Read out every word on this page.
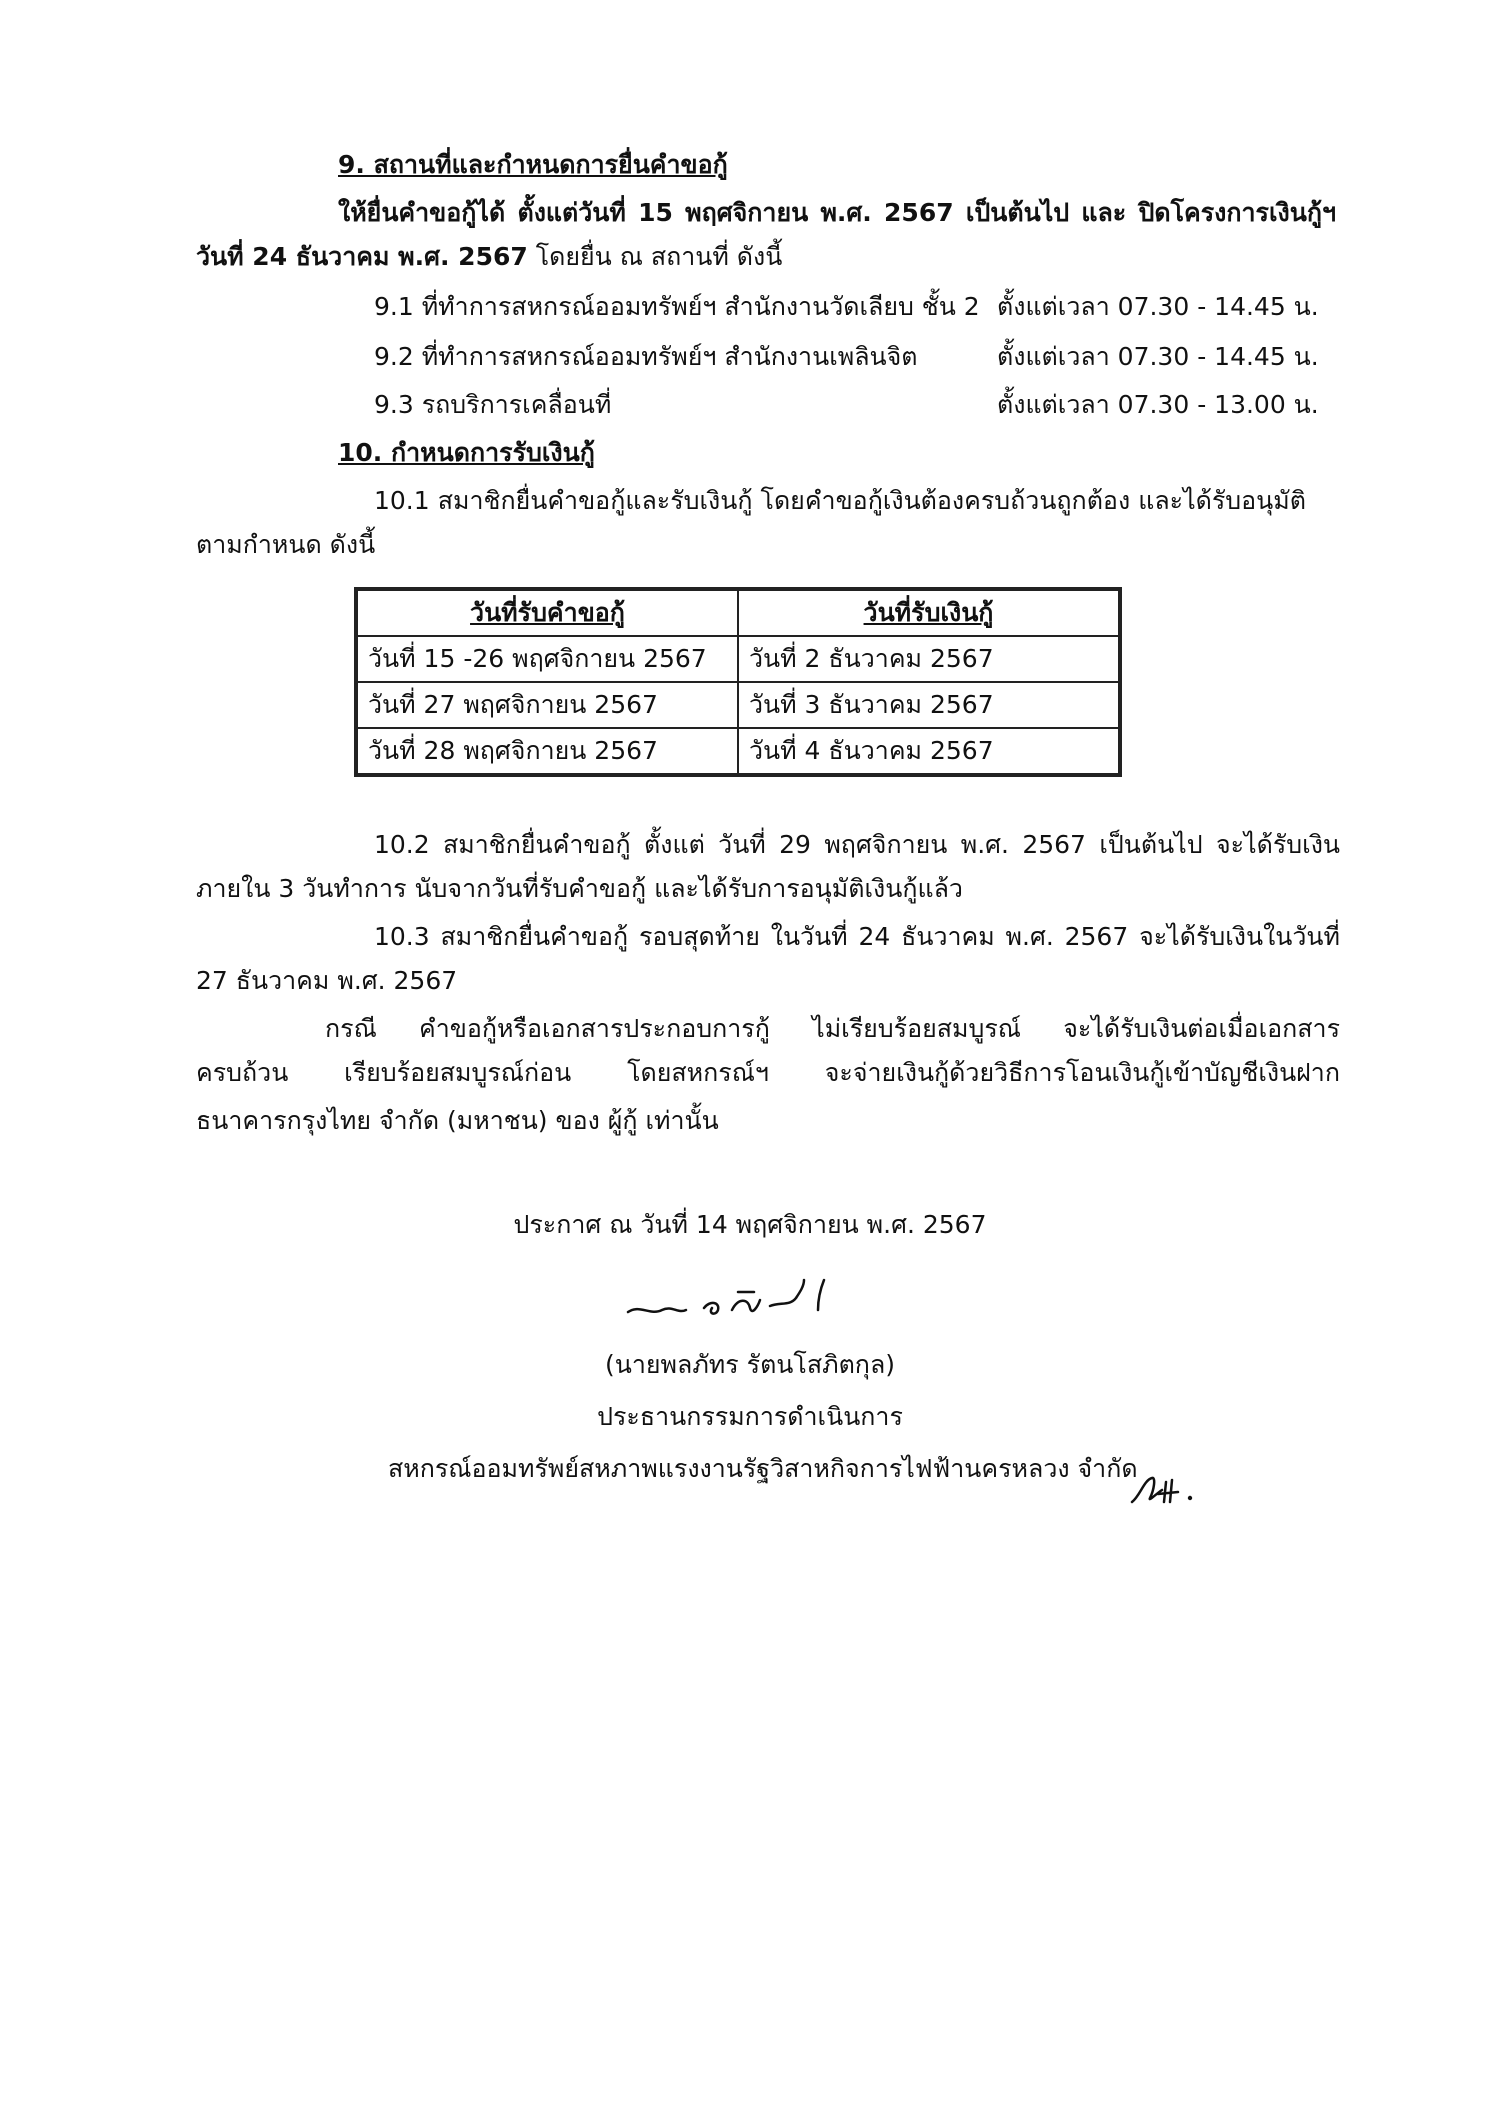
9. สถานที่และกำหนดการยื่นคำขอกู้
ให้ยื่นคำขอกู้ได้ ตั้งแต่วันที่ 15 พฤศจิกายน พ.ศ. 2567 เป็นต้นไป และ ปิดโครงการเงินกู้ฯ
วันที่ 24 ธันวาคม พ.ศ. 2567 โดยยื่น ณ สถานที่ ดังนี้
9.1 ที่ทำการสหกรณ์ออมทรัพย์ฯ สำนักงานวัดเลียบ ชั้น 2 ตั้งแต่เวลา 07.30 - 14.45 น.
9.2 ที่ทำการสหกรณ์ออมทรัพย์ฯ สำนักงานเพลินจิต	ตั้งแต่เวลา 07.30 - 14.45 น.
9.3 รถบริการเคลื่อนที่	ตั้งแต่เวลา 07.30 - 13.00 น.
10. กำหนดการรับเงินกู้
10.1 สมาชิกยื่นคำขอกู้และรับเงินกู้ โดยคำขอกู้เงินต้องครบถ้วนถูกต้อง และได้รับอนุมัติ
ตามกำหนด ดังนี้
วันที่รับคำขอกู้	วันที่รับเงินกู้
วันที่ 15 -26 พฤศจิกายน 2567	วันที่ 2 ธันวาคม 2567
วันที่ 27 พฤศจิกายน 2567	วันที่ 3 ธันวาคม 2567
วันที่ 28 พฤศจิกายน 2567	วันที่ 4 ธันวาคม 2567
10.2 สมาชิกยื่นคำขอกู้ ตั้งแต่ วันที่ 29 พฤศจิกายน พ.ศ. 2567 เป็นต้นไป จะได้รับเงิน
ภายใน 3 วันทำการ นับจากวันที่รับคำขอกู้ และได้รับการอนุมัติเงินกู้แล้ว
10.3 สมาชิกยื่นคำขอกู้ รอบสุดท้าย ในวันที่ 24 ธันวาคม พ.ศ. 2567 จะได้รับเงินในวันที่
27 ธันวาคม พ.ศ. 2567
กรณี คำขอกู้หรือเอกสารประกอบการกู้ ไม่เรียบร้อยสมบูรณ์ จะได้รับเงินต่อเมื่อเอกสาร
ครบถ้วน เรียบร้อยสมบูรณ์ก่อน โดยสหกรณ์ฯ จะจ่ายเงินกู้ด้วยวิธีการโอนเงินกู้เข้าบัญชีเงินฝาก
ธนาคารกรุงไทย จำกัด (มหาชน) ของ ผู้กู้ เท่านั้น
ประกาศ ณ วันที่ 14 พฤศจิกายน พ.ศ. 2567
(นายพลภัทร รัตนโสภิตกุล)
ประธานกรรมการดำเนินการ
สหกรณ์ออมทรัพย์สหภาพแรงงานรัฐวิสาหกิจการไฟฟ้านครหลวง จำกัด
